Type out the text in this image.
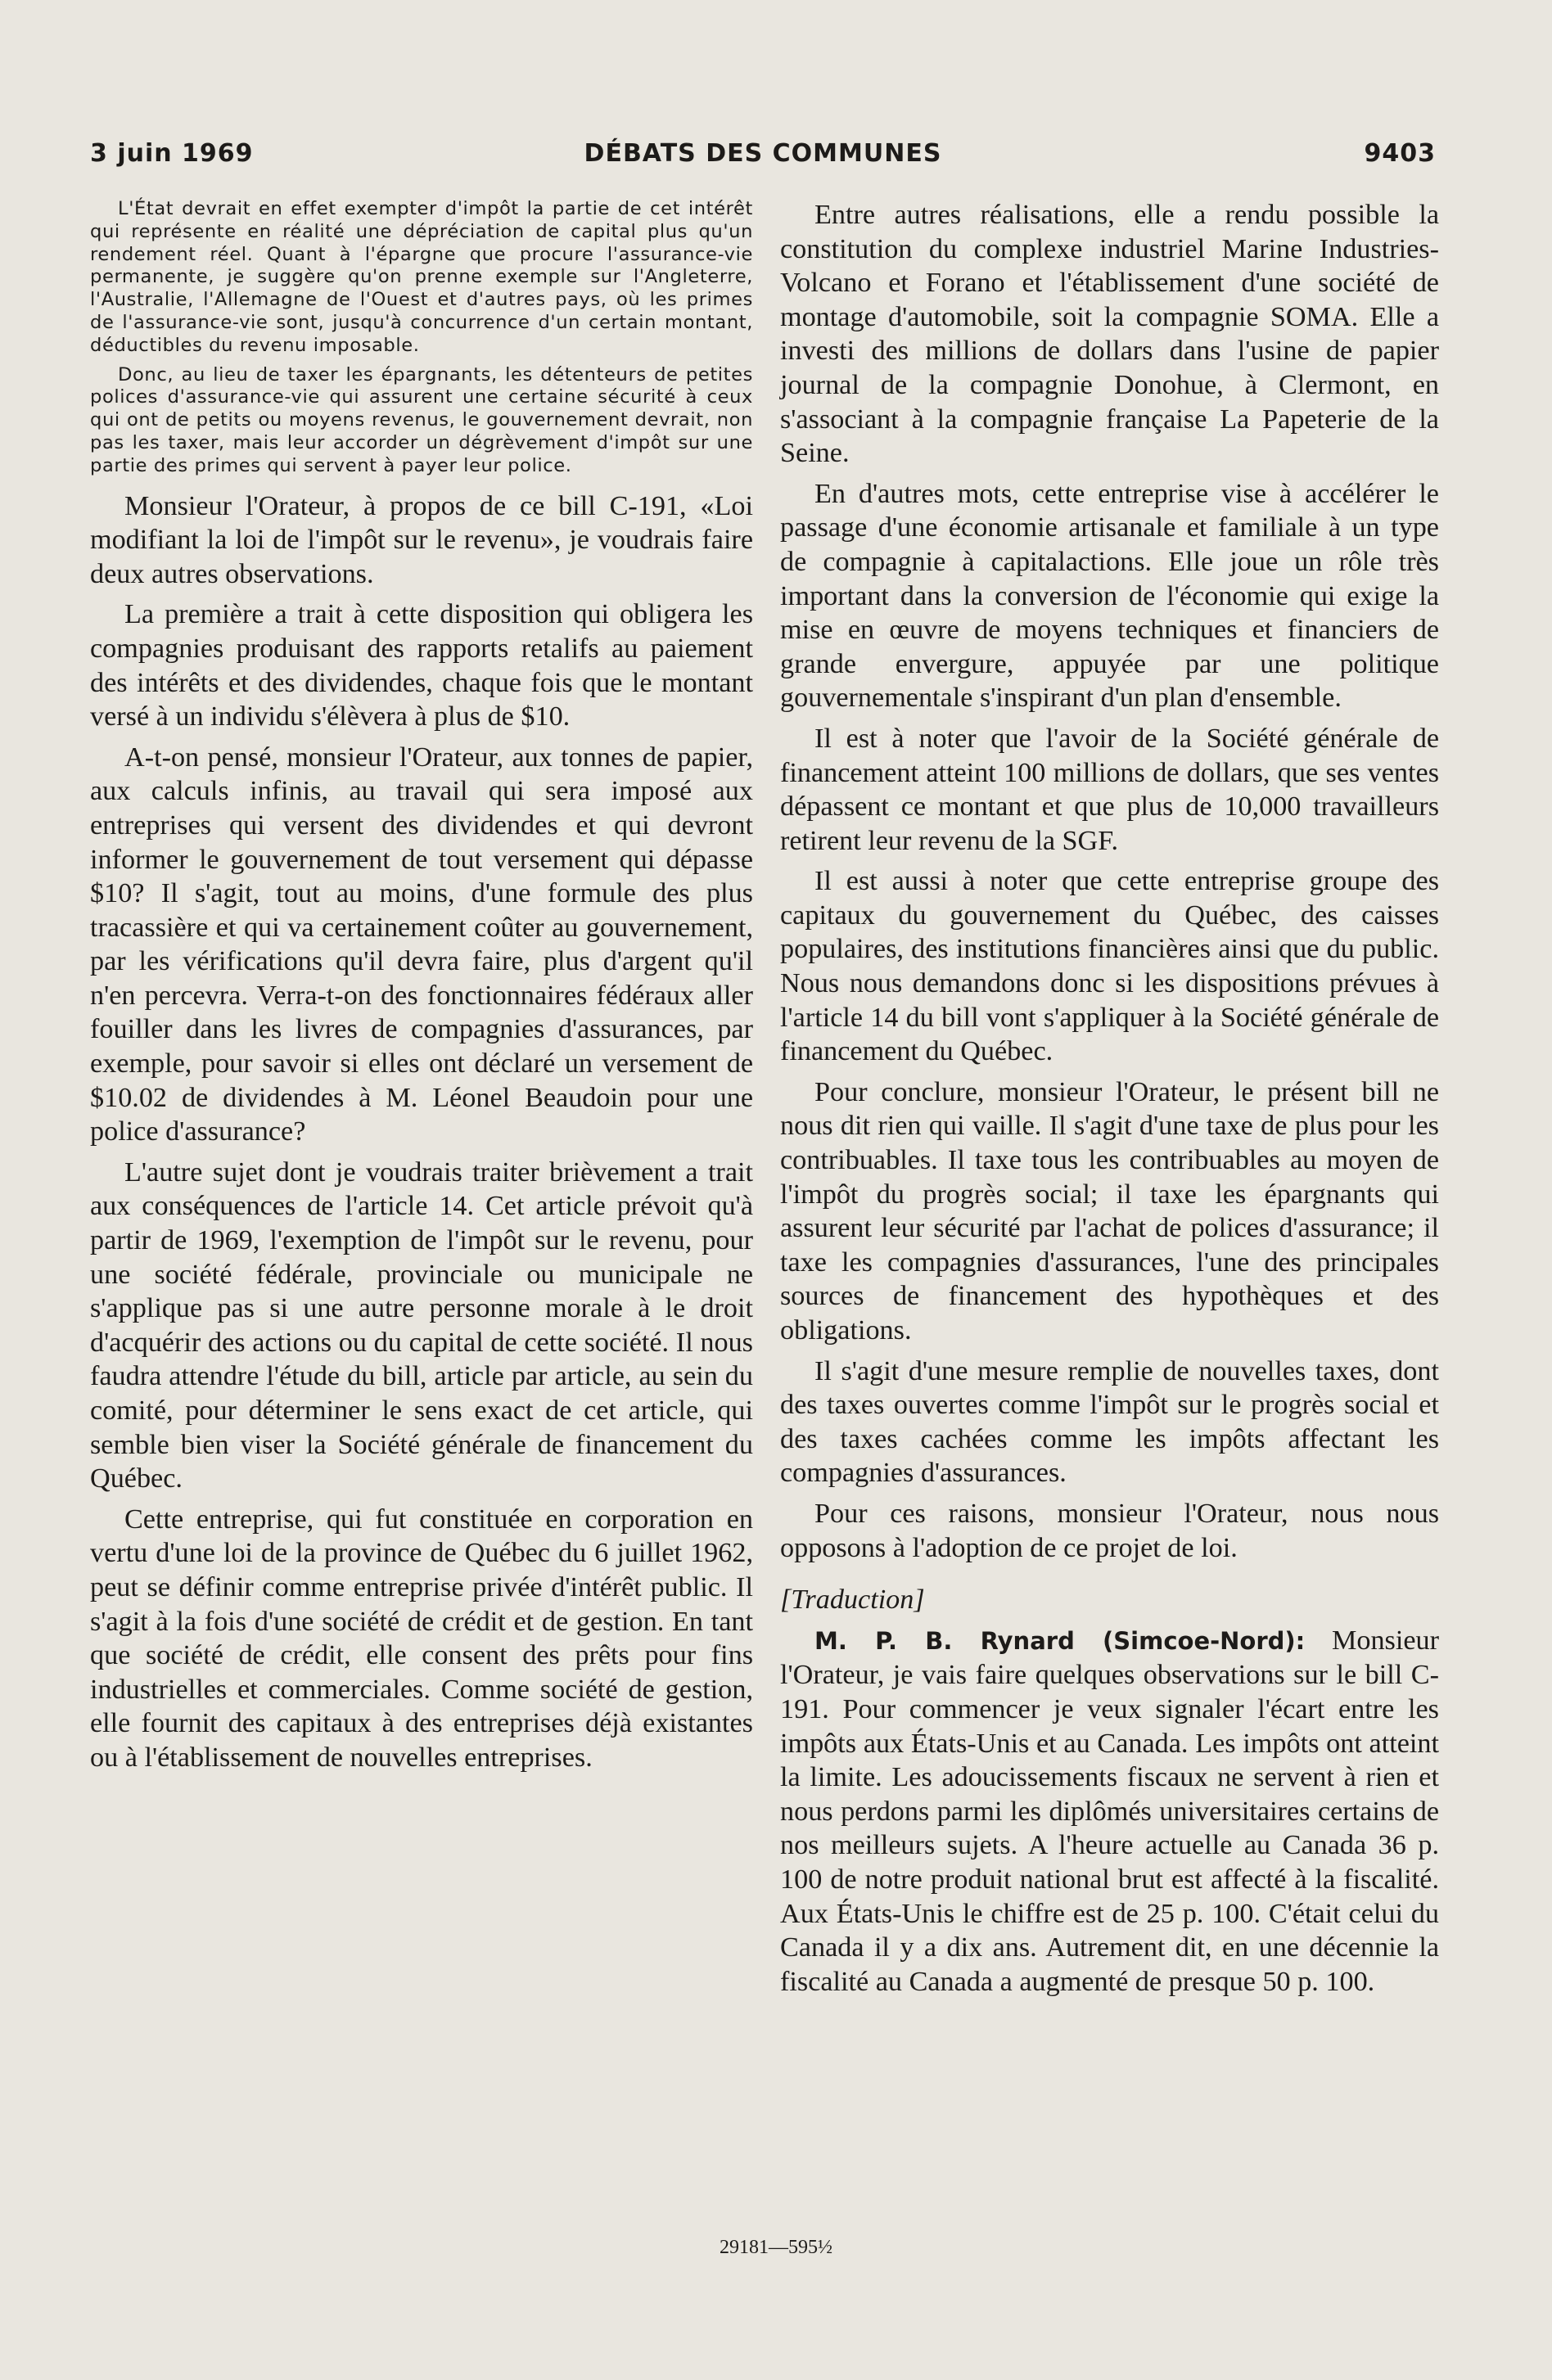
3 juin 1969	DÉBATS DES COMMUNES	9403

L'État devrait en effet exempter d'impôt la partie de cet intérêt qui représente en réalité une dépréciation de capital plus qu'un rendement réel. Quant à l'épargne que procure l'assurance-vie permanente, je suggère qu'on prenne exemple sur l'Angleterre, l'Australie, l'Allemagne de l'Ouest et d'autres pays, où les primes de l'assurance-vie sont, jusqu'à concurrence d'un certain montant, déductibles du revenu imposable.

Donc, au lieu de taxer les épargnants, les détenteurs de petites polices d'assurance-vie qui assurent une certaine sécurité à ceux qui ont de petits ou moyens revenus, le gouvernement devrait, non pas les taxer, mais leur accorder un dégrèvement d'impôt sur une partie des primes qui servent à payer leur police.

Monsieur l'Orateur, à propos de ce bill C-191, «Loi modifiant la loi de l'impôt sur le revenu», je voudrais faire deux autres observations.

La première a trait à cette disposition qui obligera les compagnies produisant des rapports retalifs au paiement des intérêts et des dividendes, chaque fois que le montant versé à un individu s'élèvera à plus de $10.

A-t-on pensé, monsieur l'Orateur, aux tonnes de papier, aux calculs infinis, au travail qui sera imposé aux entreprises qui versent des dividendes et qui devront informer le gouvernement de tout versement qui dépasse $10? Il s'agit, tout au moins, d'une formule des plus tracassière et qui va certainement coûter au gouvernement, par les vérifications qu'il devra faire, plus d'argent qu'il n'en percevra. Verra-t-on des fonctionnaires fédéraux aller fouiller dans les livres de compagnies d'assurances, par exemple, pour savoir si elles ont déclaré un versement de $10.02 de dividendes à M. Léonel Beaudoin pour une police d'assurance?

L'autre sujet dont je voudrais traiter brièvement a trait aux conséquences de l'article 14. Cet article prévoit qu'à partir de 1969, l'exemption de l'impôt sur le revenu, pour une société fédérale, provinciale ou municipale ne s'applique pas si une autre personne morale à le droit d'acquérir des actions ou du capital de cette société. Il nous faudra attendre l'étude du bill, article par article, au sein du comité, pour déterminer le sens exact de cet article, qui semble bien viser la Société générale de financement du Québec.

Cette entreprise, qui fut constituée en corporation en vertu d'une loi de la province de Québec du 6 juillet 1962, peut se définir comme entreprise privée d'intérêt public. Il s'agit à la fois d'une société de crédit et de gestion. En tant que société de crédit, elle consent des prêts pour fins industrielles et commerciales. Comme société de gestion, elle fournit des capitaux à des entreprises déjà existantes ou à l'établissement de nouvelles entreprises.

Entre autres réalisations, elle a rendu possible la constitution du complexe industriel Marine Industries-Volcano et Forano et l'établissement d'une société de montage d'automobile, soit la compagnie SOMA. Elle a investi des millions de dollars dans l'usine de papier journal de la compagnie Donohue, à Clermont, en s'associant à la compagnie française La Papeterie de la Seine.

En d'autres mots, cette entreprise vise à accélérer le passage d'une économie artisanale et familiale à un type de compagnie à capitalactions. Elle joue un rôle très important dans la conversion de l'économie qui exige la mise en œuvre de moyens techniques et financiers de grande envergure, appuyée par une politique gouvernementale s'inspirant d'un plan d'ensemble.

Il est à noter que l'avoir de la Société générale de financement atteint 100 millions de dollars, que ses ventes dépassent ce montant et que plus de 10,000 travailleurs retirent leur revenu de la SGF.

Il est aussi à noter que cette entreprise groupe des capitaux du gouvernement du Québec, des caisses populaires, des institutions financières ainsi que du public. Nous nous demandons donc si les dispositions prévues à l'article 14 du bill vont s'appliquer à la Société générale de financement du Québec.

Pour conclure, monsieur l'Orateur, le présent bill ne nous dit rien qui vaille. Il s'agit d'une taxe de plus pour les contribuables. Il taxe tous les contribuables au moyen de l'impôt du progrès social; il taxe les épargnants qui assurent leur sécurité par l'achat de polices d'assurance; il taxe les compagnies d'assurances, l'une des principales sources de financement des hypothèques et des obligations.

Il s'agit d'une mesure remplie de nouvelles taxes, dont des taxes ouvertes comme l'impôt sur le progrès social et des taxes cachées comme les impôts affectant les compagnies d'assurances.

Pour ces raisons, monsieur l'Orateur, nous nous opposons à l'adoption de ce projet de loi.

[Traduction]

M. P. B. Rynard (Simcoe-Nord): Monsieur l'Orateur, je vais faire quelques observations sur le bill C-191. Pour commencer je veux signaler l'écart entre les impôts aux États-Unis et au Canada. Les impôts ont atteint la limite. Les adoucissements fiscaux ne servent à rien et nous perdons parmi les diplômés universitaires certains de nos meilleurs sujets. A l'heure actuelle au Canada 36 p. 100 de notre produit national brut est affecté à la fiscalité. Aux États-Unis le chiffre est de 25 p. 100. C'était celui du Canada il y a dix ans. Autrement dit, en une décennie la fiscalité au Canada a augmenté de presque 50 p. 100.

29181—595½
